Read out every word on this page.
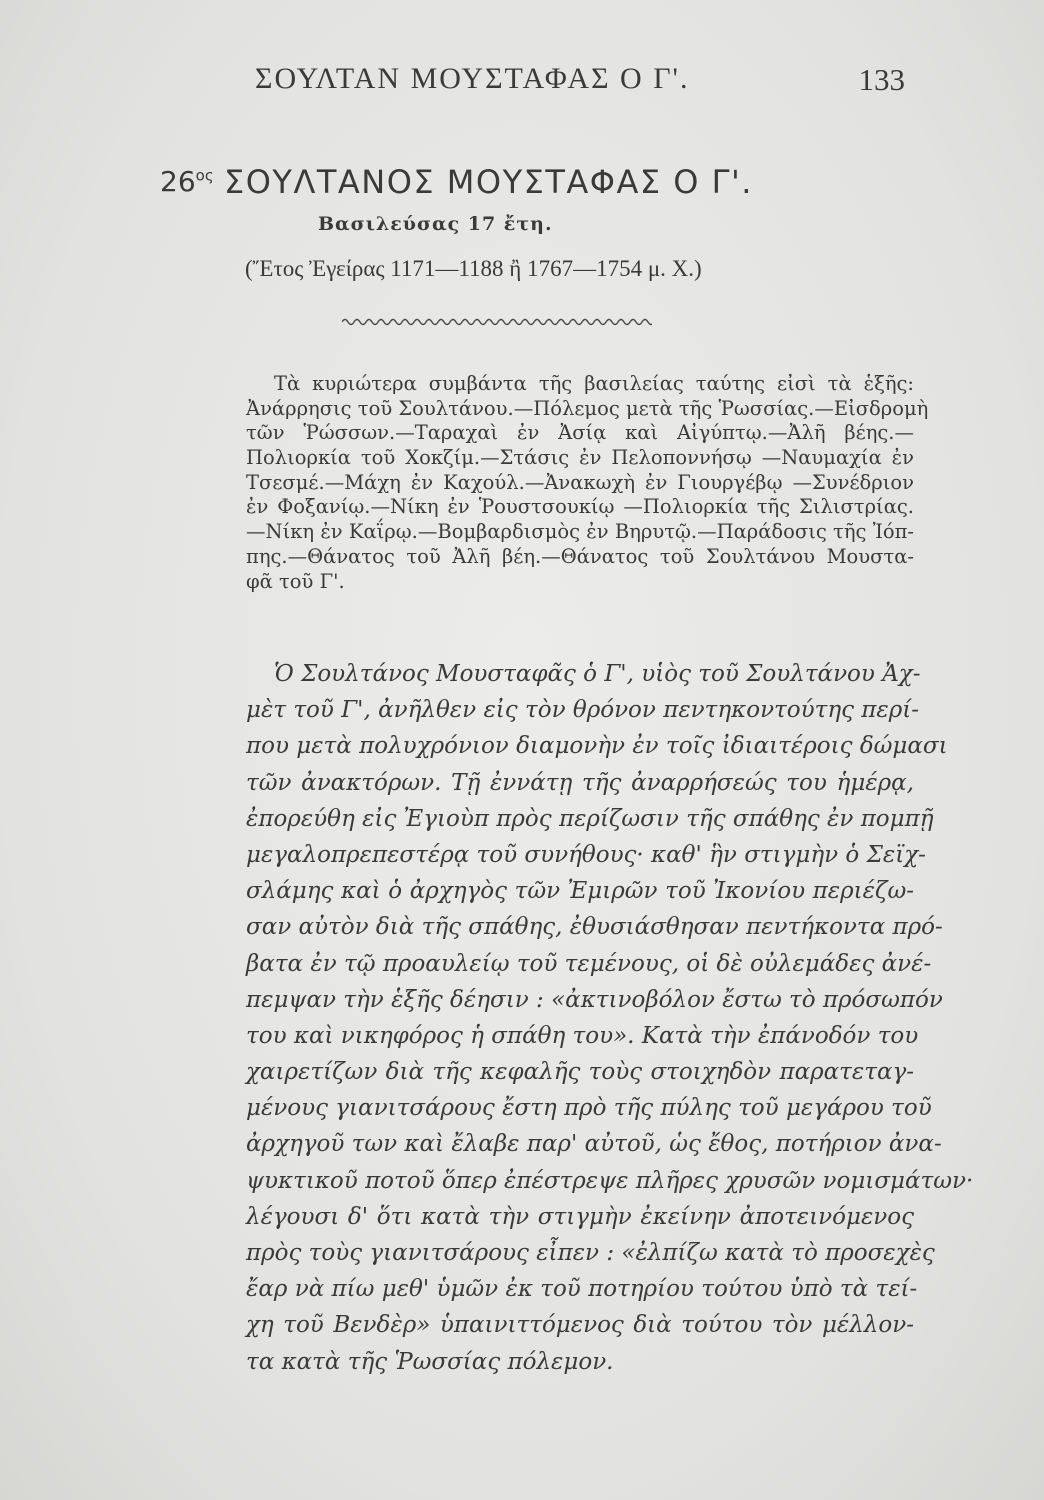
ΣΟΥΛΤΑΝ ΜΟΥΣΤΑΦΑΣ Ο Γ'.	133
$26^{o\varsigma}$ ΣΟΥΛΤΑΝΟΣ ΜΟΥΣΤΑΦΑΣ Ο Γ'.
Βασιλεύσας 17 ἔτη.
(Ἔτος Ἐγείρας 1171—1188 ἢ 1767—1754 μ. Χ.)
Τὰ κυριώτερα συμβάντα τῆς βασιλείας ταύτης εἰσὶ τὰ ἑξῆς:
Ἀνάρρησις τοῦ Σουλτάνου.—Πόλεμος μετὰ τῆς Ῥωσσίας.—Εἰσδρομὴ
τῶν Ῥώσσων.—Ταραχαὶ ἐν Ἀσίᾳ καὶ Αἰγύπτῳ.—Ἀλῆ βέης.—
Πολιορκία τοῦ Χοκζίμ.—Στάσις ἐν Πελοποννήσῳ —Ναυμαχία ἐν
Τσεσμέ.—Μάχη ἐν Καχούλ.—Ἀνακωχὴ ἐν Γιουργέβῳ —Συνέδριον
ἐν Φοξανίῳ.—Νίκη ἐν Ῥουστσουκίῳ —Πολιορκία τῆς Σιλιστρίας.
—Νίκη ἐν Καΐρῳ.—Βομβαρδισμὸς ἐν Βηρυτῷ.—Παράδοσις τῆς Ἰόπ-
πης.—Θάνατος τοῦ Ἀλῆ βέη.—Θάνατος τοῦ Σουλτάνου Μουστα-
φᾶ τοῦ Γ'.
Ὁ Σουλτάνος Μουσταφᾶς ὁ Γ', υἱὸς τοῦ Σουλτάνου Ἀχ-
μὲτ τοῦ Γ', ἀνῆλθεν εἰς τὸν θρόνον πεντηκοντούτης περί-
που μετὰ πολυχρόνιον διαμονὴν ἐν τοῖς ἰδιαιτέροις δώμασι
τῶν ἀνακτόρων. Τῇ ἐννάτῃ τῆς ἀναρρήσεώς του ἡμέρᾳ,
ἐπορεύθη εἰς Ἐγιοὺπ πρὸς περίζωσιν τῆς σπάθης ἐν πομπῇ
μεγαλοπρεπεστέρᾳ τοῦ συνήθους· καθ' ἣν στιγμὴν ὁ Σεϊχ-
σλάμης καὶ ὁ ἀρχηγὸς τῶν Ἐμιρῶν τοῦ Ἰκονίου περιέζω-
σαν αὐτὸν διὰ τῆς σπάθης, ἐθυσιάσθησαν πεντήκοντα πρό-
βατα ἐν τῷ προαυλείῳ τοῦ τεμένους, οἱ δὲ οὐλεμάδες ἀνέ-
πεμψαν τὴν ἑξῆς δέησιν : «ἀκτινοβόλον ἔστω τὸ πρόσωπόν
του καὶ νικηφόρος ἡ σπάθη του». Κατὰ τὴν ἐπάνοδόν του
χαιρετίζων διὰ τῆς κεφαλῆς τοὺς στοιχηδὸν παρατεταγ-
μένους γιανιτσάρους ἔστη πρὸ τῆς πύλης τοῦ μεγάρου τοῦ
ἀρχηγοῦ των καὶ ἔλαβε παρ' αὐτοῦ, ὡς ἔθος, ποτήριον ἀνα-
ψυκτικοῦ ποτοῦ ὅπερ ἐπέστρεψε πλῆρες χρυσῶν νομισμάτων·
λέγουσι δ' ὅτι κατὰ τὴν στιγμὴν ἐκείνην ἀποτεινόμενος
πρὸς τοὺς γιανιτσάρους εἶπεν : «ἐλπίζω κατὰ τὸ προσεχὲς
ἔαρ νὰ πίω μεθ' ὑμῶν ἐκ τοῦ ποτηρίου τούτου ὑπὸ τὰ τεί-
χη τοῦ Βενδὲρ» ὑπαινιττόμενος διὰ τούτου τὸν μέλλον-
τα κατὰ τῆς Ῥωσσίας πόλεμον.
